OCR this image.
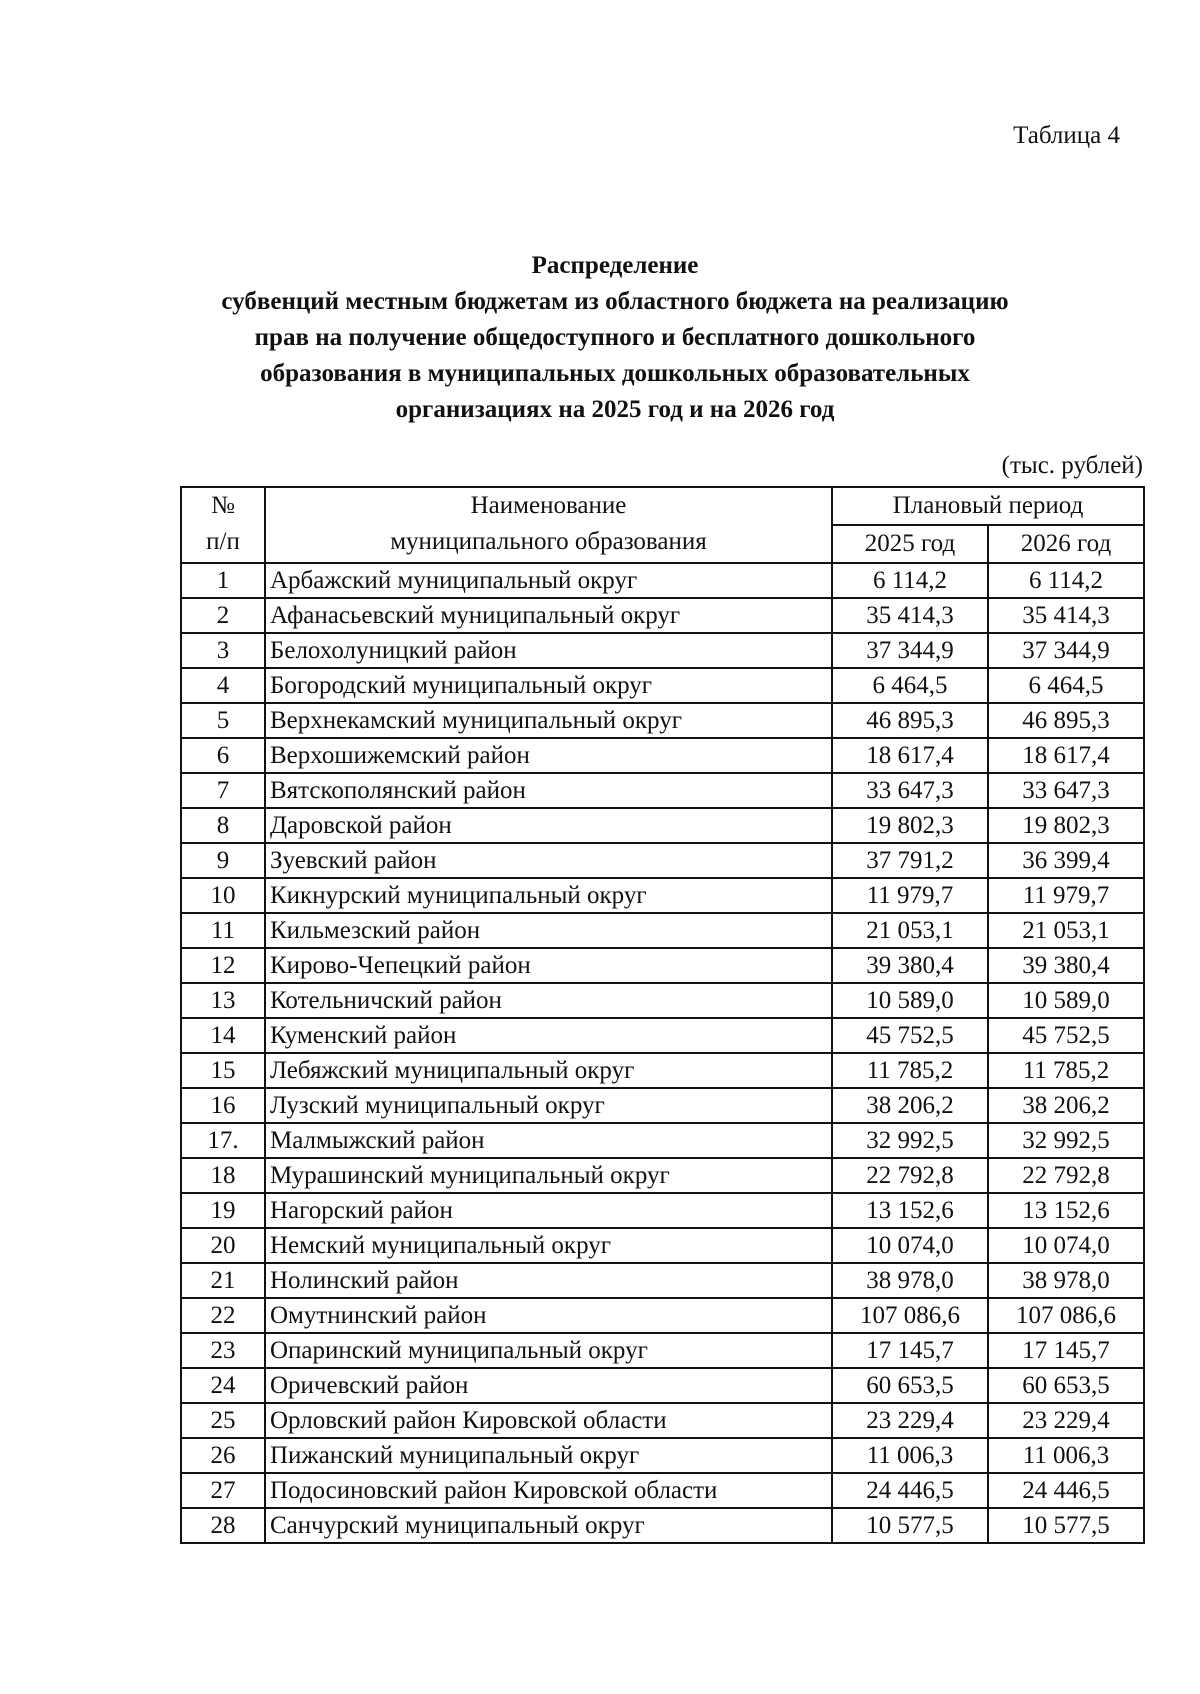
Таблица 4
Распределение
субвенций местным бюджетам из областного бюджета на реализацию
прав на получение общедоступного и бесплатного дошкольного
образования в муниципальных дошкольных образовательных
организациях на 2025 год и на 2026 год
(тыс. рублей)
№
п/п	Наименование
муниципального образования	Плановый период	
		2025 год	2026 год
1	Арбажский муниципальный округ	6 114,2	6 114,2
2	Афанасьевский муниципальный округ	35 414,3	35 414,3
3	Белохолуницкий район	37 344,9	37 344,9
4	Богородский муниципальный округ	6 464,5	6 464,5
5	Верхнекамский муниципальный округ	46 895,3	46 895,3
6	Верхошижемский район	18 617,4	18 617,4
7	Вятскополянский район	33 647,3	33 647,3
8	Даровской район	19 802,3	19 802,3
9	Зуевский район	37 791,2	36 399,4
10	Кикнурский муниципальный округ	11 979,7	11 979,7
11	Кильмезский район	21 053,1	21 053,1
12	Кирово-Чепецкий район	39 380,4	39 380,4
13	Котельничский район	10 589,0	10 589,0
14	Куменский район	45 752,5	45 752,5
15	Лебяжский муниципальный округ	11 785,2	11 785,2
16	Лузский муниципальный округ	38 206,2	38 206,2
17.	Малмыжский район	32 992,5	32 992,5
18	Мурашинский муниципальный округ	22 792,8	22 792,8
19	Нагорский район	13 152,6	13 152,6
20	Немский муниципальный округ	10 074,0	10 074,0
21	Нолинский район	38 978,0	38 978,0
22	Омутнинский район	107 086,6	107 086,6
23	Опаринский муниципальный округ	17 145,7	17 145,7
24	Оричевский район	60 653,5	60 653,5
25	Орловский район Кировской области	23 229,4	23 229,4
26	Пижанский муниципальный округ	11 006,3	11 006,3
27	Подосиновский район Кировской области	24 446,5	24 446,5
28	Санчурский муниципальный округ	10 577,5	10 577,5
